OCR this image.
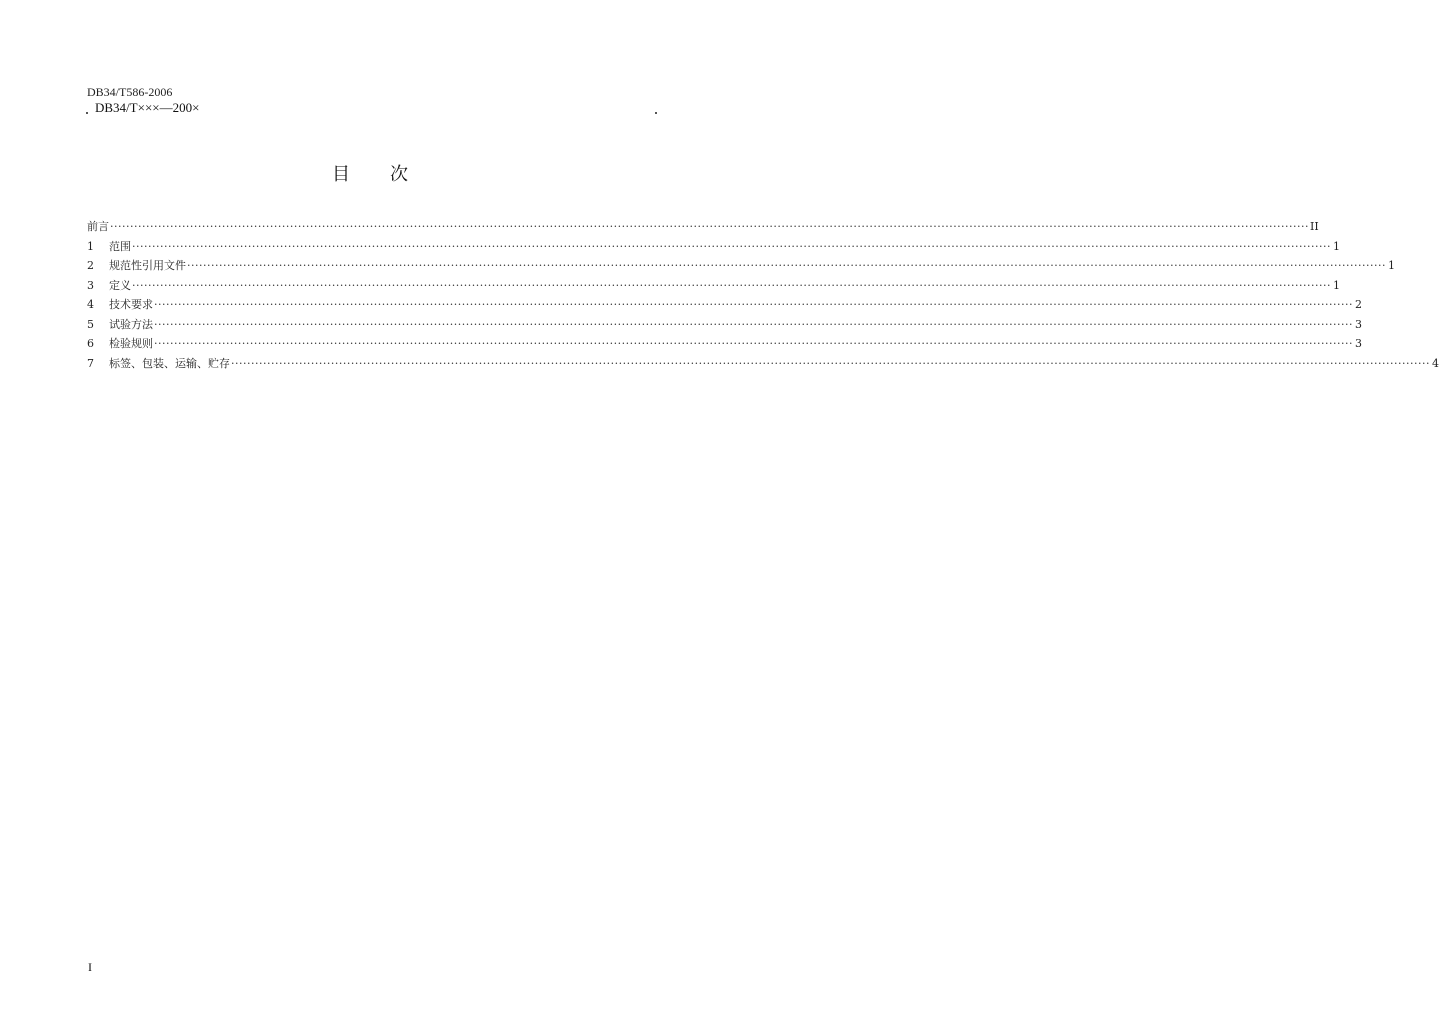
DB34/T586-2006
DB34/T×××—200×
目 次
前言 ············································································································································································································································································································ II
1	范围 ············································································································································································································································································································ 1
2	规范性引用文件 ············································································································································································································································································································ 1
3	定义 ············································································································································································································································································································ 1
4	技术要求 ············································································································································································································································································································ 2
5	试验方法 ············································································································································································································································································································ 3
6	检验规则 ············································································································································································································································································································ 3
7	标签、包装、运输、贮存 ············································································································································································································································································································ 4
I
